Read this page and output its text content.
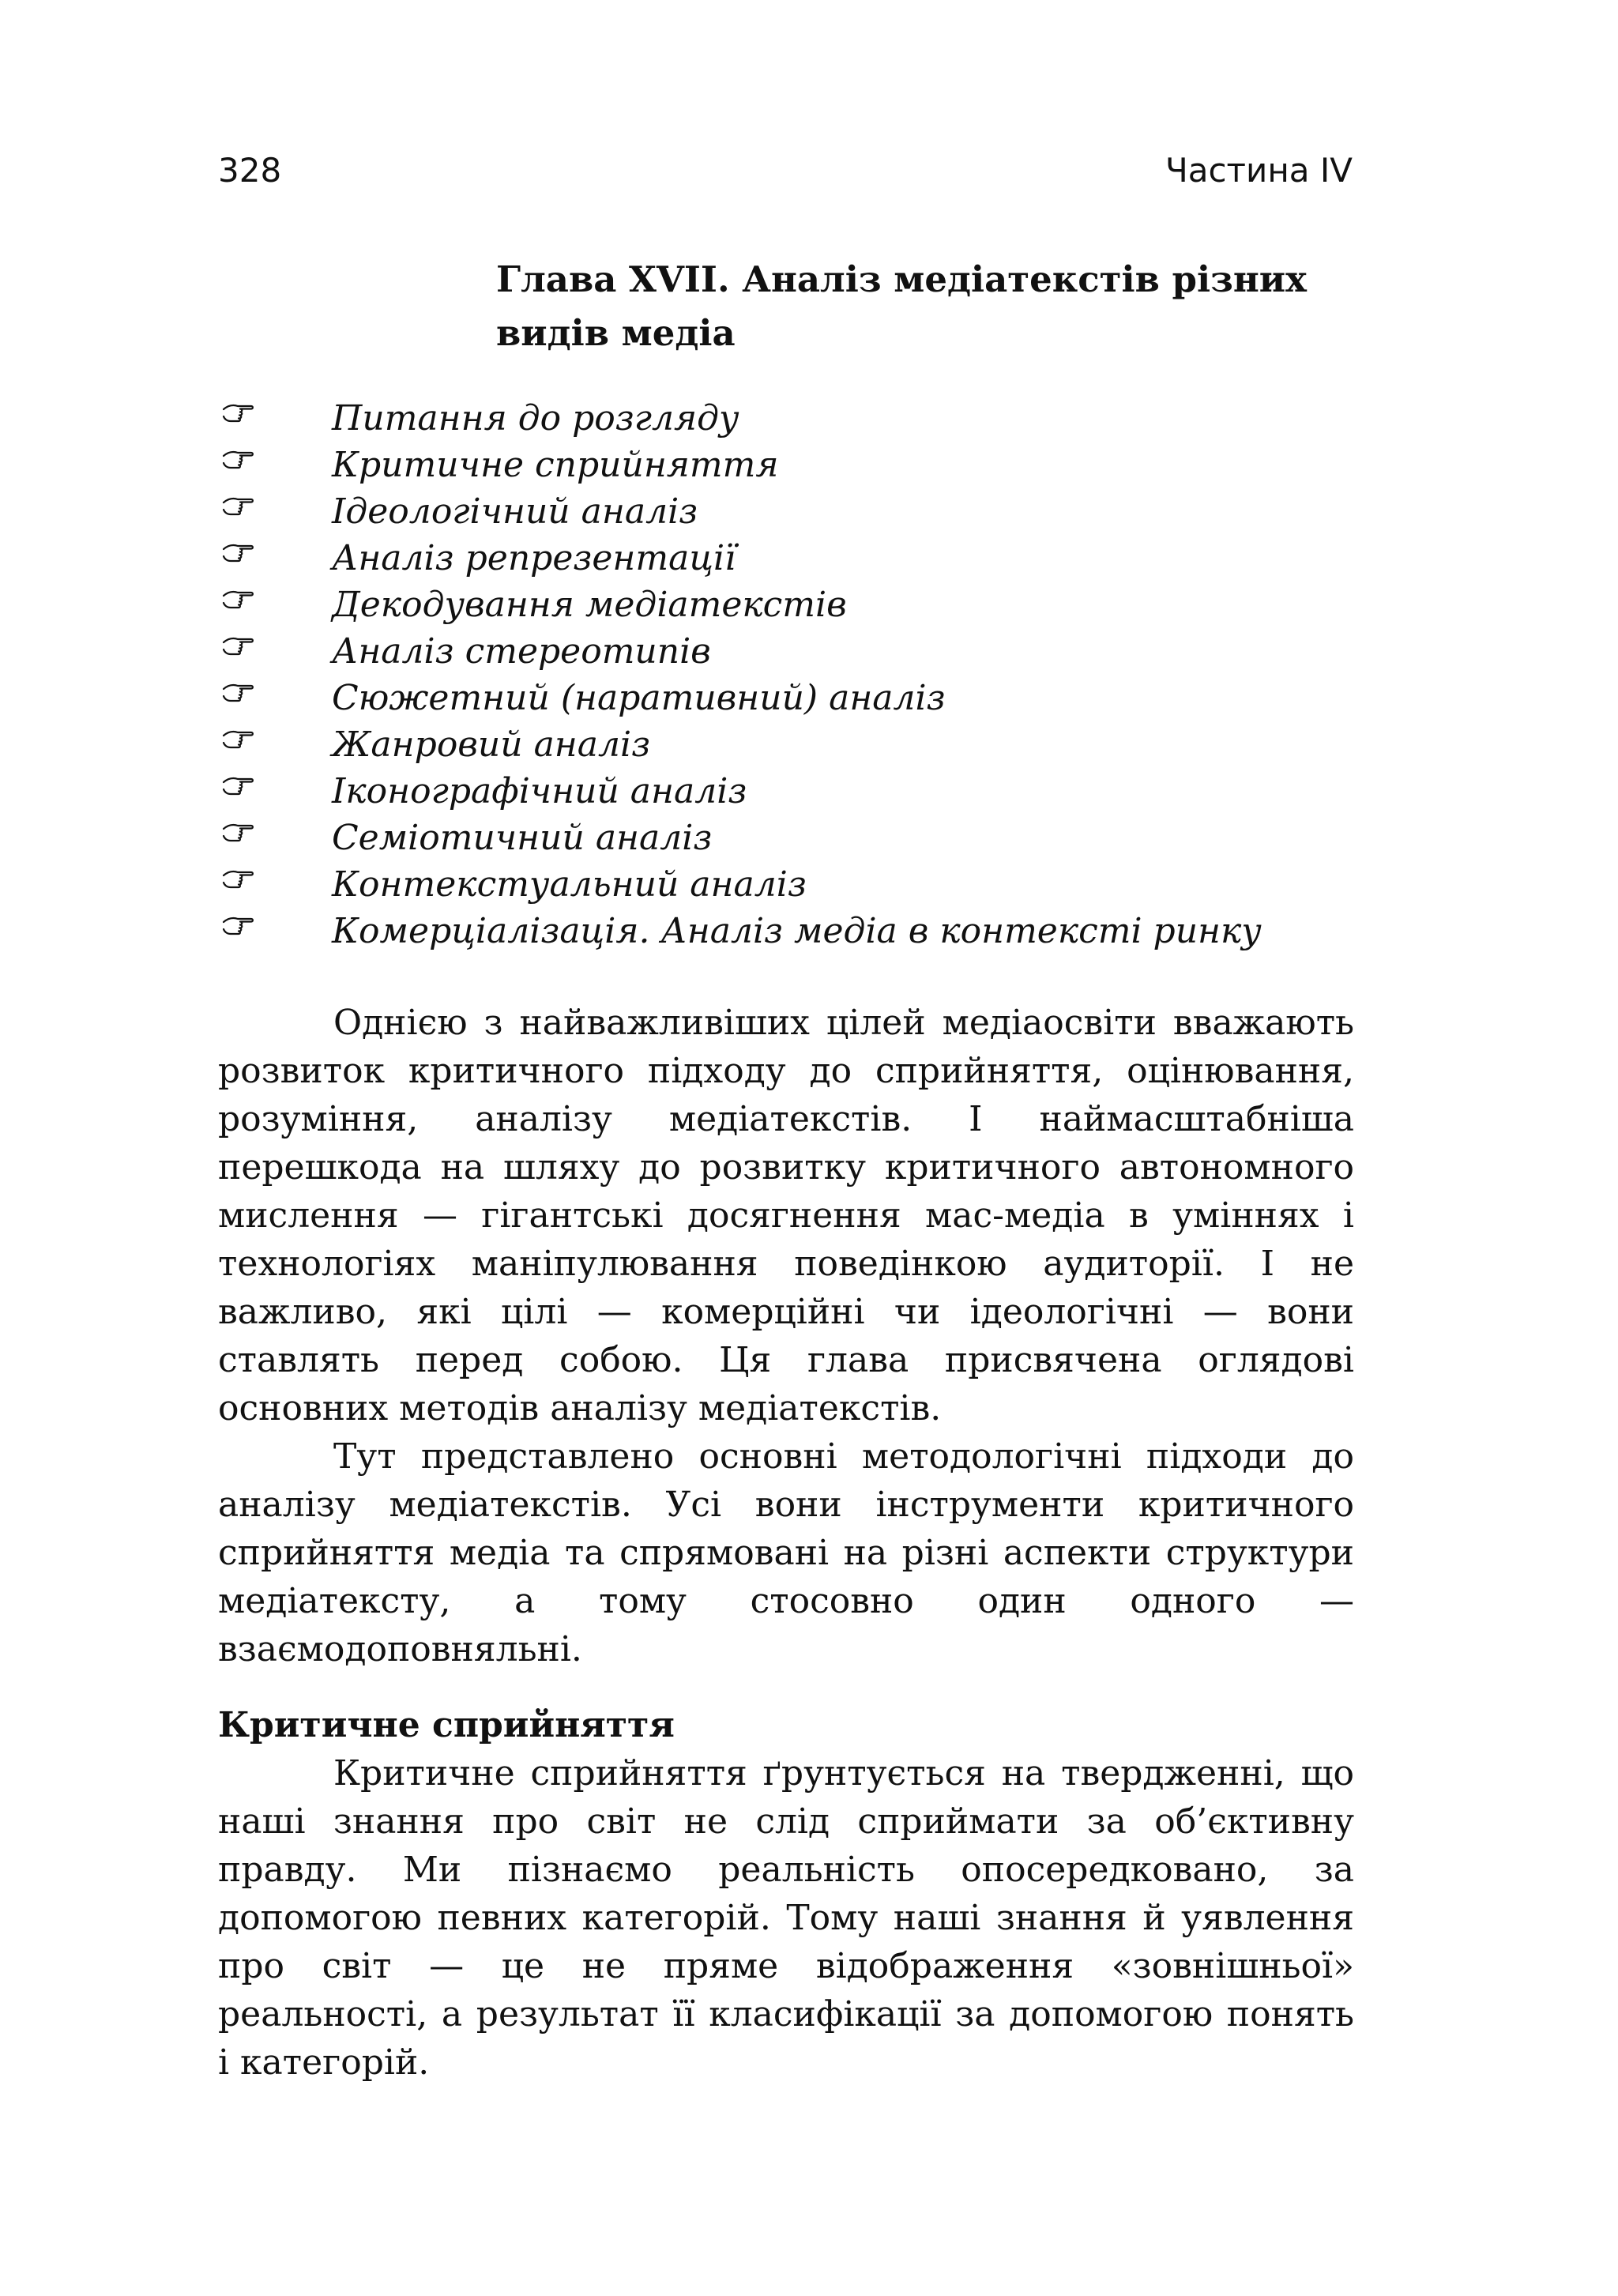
328	Частина IV
Глава XVII. Аналіз медіатекстів різних
видів медіа
Питання до розгляду
Критичне сприйняття
Ідеологічний аналіз
Аналіз репрезентації
Декодування медіатекстів
Аналіз стереотипів
Сюжетний (наративний) аналіз
Жанровий аналіз
Іконографічний аналіз
Семіотичний аналіз
Контекстуальний аналіз
Комерціалізація. Аналіз медіа в контексті ринку

Однією з найважливіших цілей медіаосвіти вважають розвиток критичного підходу до сприйняття, оцінювання, розуміння, аналізу медіатекстів. І наймасштабніша перешкода на шляху до розвитку критичного автономного мислення — гігантські досягнення мас-медіа в уміннях і технологіях маніпулювання поведінкою аудиторії. І не важливо, які цілі — комерційні чи ідеологічні — вони ставлять перед собою. Ця глава присвячена оглядові основних методів аналізу медіатекстів.

Тут представлено основні методологічні підходи до аналізу медіатекстів. Усі вони інструменти критичного сприйняття медіа та спрямовані на різні аспекти структури медіатексту, а тому стосовно один одного — взаємодоповняльні.

Критичне сприйняття

Критичне сприйняття ґрунтується на твердженні, що наші знання про світ не слід сприймати за об’єктивну правду. Ми пізнаємо реальність опосередковано, за допомогою певних категорій. Тому наші знання й уявлення про світ — це не пряме відображення «зовнішньої» реальності, а результат її класифікації за допомогою понять і категорій.
